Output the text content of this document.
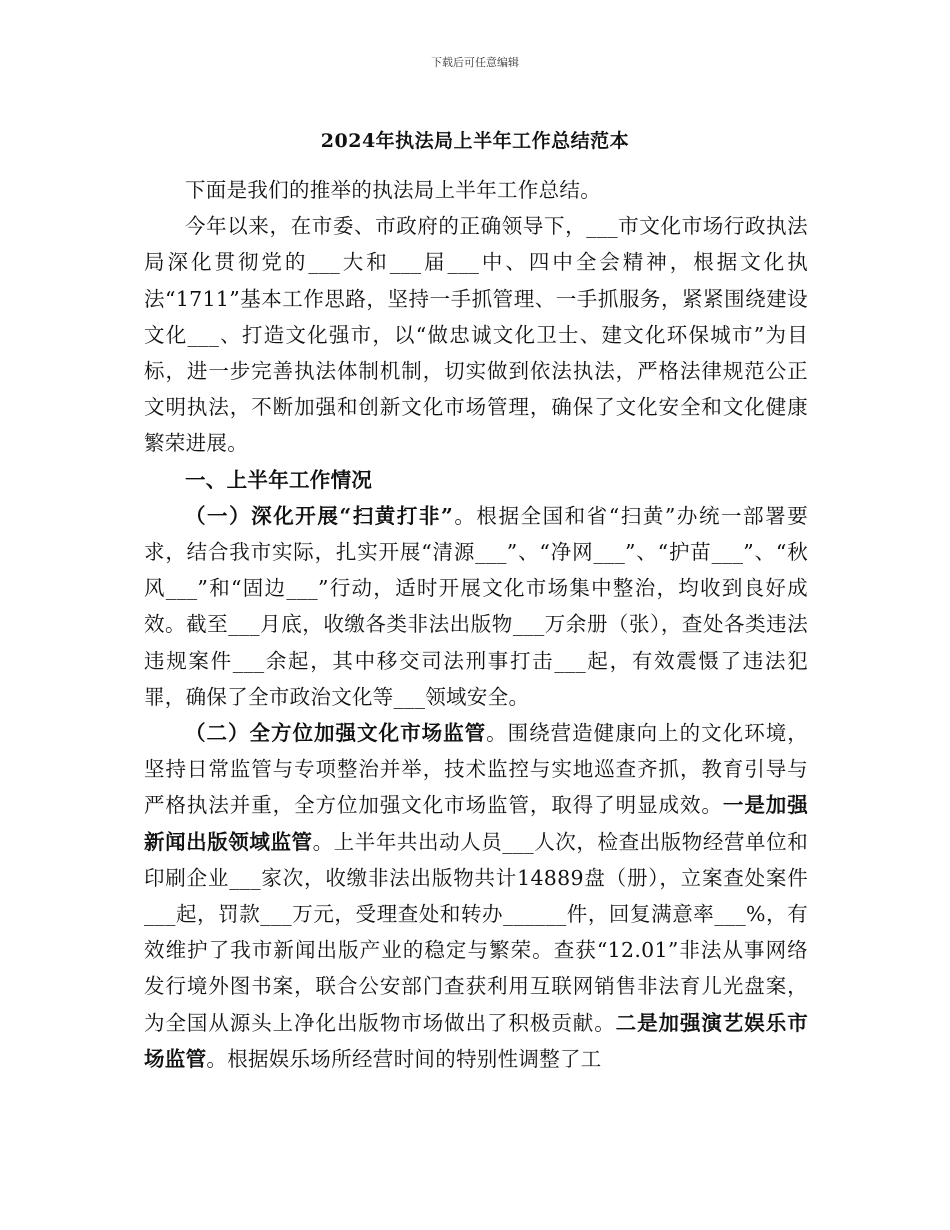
下载后可任意编辑
2024年执法局上半年工作总结范本

下面是我们的推举的执法局上半年工作总结。

今年以来，在市委、市政府的正确领导下，___市文化市场行政执法局深化贯彻党的___大和___届___中、四中全会精神，根据文化执法“1711”基本工作思路，坚持一手抓管理、一手抓服务，紧紧围绕建设文化___、打造文化强市，以“做忠诚文化卫士、建文化环保城市”为目标，进一步完善执法体制机制，切实做到依法执法，严格法律规范公正文明执法，不断加强和创新文化市场管理，确保了文化安全和文化健康繁荣进展。

一、上半年工作情况

（一）深化开展“扫黄打非”。根据全国和省“扫黄”办统一部署要求，结合我市实际，扎实开展“清源___”、“净网___”、“护苗___”、“秋风___”和“固边___”行动，适时开展文化市场集中整治，均收到良好成效。截至___月底，收缴各类非法出版物___万余册（张），查处各类违法违规案件___余起，其中移交司法刑事打击___起，有效震慑了违法犯罪，确保了全市政治文化等___领域安全。

（二）全方位加强文化市场监管。围绕营造健康向上的文化环境，坚持日常监管与专项整治并举，技术监控与实地巡查齐抓，教育引导与严格执法并重，全方位加强文化市场监管，取得了明显成效。一是加强新闻出版领域监管。上半年共出动人员___人次，检查出版物经营单位和印刷企业___家次，收缴非法出版物共计14889盘（册），立案查处案件___起，罚款___万元，受理查处和转办______件，回复满意率___%，有效维护了我市新闻出版产业的稳定与繁荣。查获“12.01”非法从事网络发行境外图书案，联合公安部门查获利用互联网销售非法育儿光盘案，为全国从源头上净化出版物市场做出了积极贡献。二是加强演艺娱乐市场监管。根据娱乐场所经营时间的特别性调整了工
